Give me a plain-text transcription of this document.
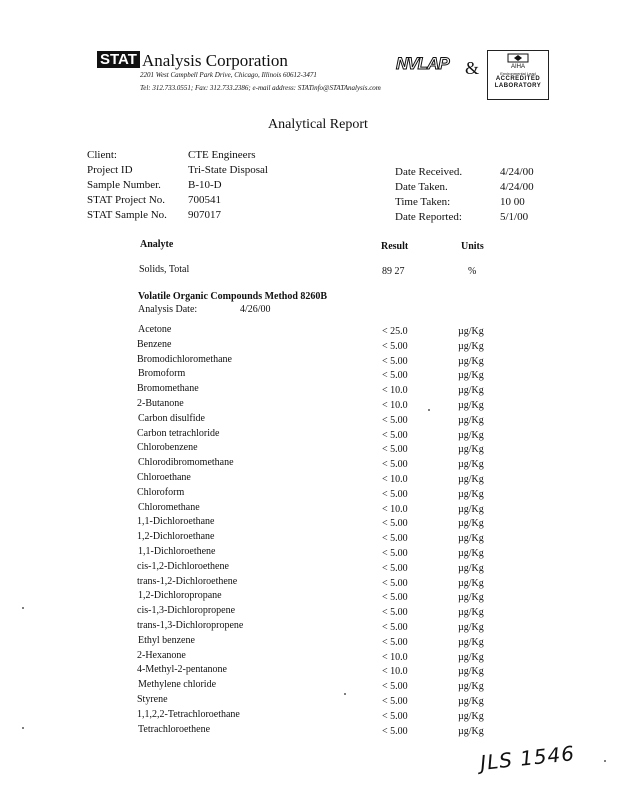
STAT Analysis Corporation
2201 West Campbell Park Drive, Chicago, Illinois 60612-3471
Tel: 312.733.0551; Fax: 312.733.2386; e-mail address: STATinfo@STATAnalysis.com
NVLAP &	AIHA
Environmental Lead
ACCREDITED
LABORATORY
Analytical Report
Client:	CTE Engineers
Project ID	Tri-State Disposal
Sample Number. B-10-D
STAT Project No. 700541
STAT Sample No. 907017
Date Received.	4/24/00
Date Taken.	4/24/00
Time Taken:	10 00
Date Reported:	5/1/00
Analyte	Result	Units
Solids, Total	89 27	%
Volatile Organic Compounds Method 8260B
Analysis Date:	4/26/00
Acetone	< 25.0	µg/Kg
Benzene	< 5.00	µg/Kg
Bromodichloromethane	< 5.00	µg/Kg
Bromoform	< 5.00	µg/Kg
Bromomethane	< 10.0	µg/Kg
2-Butanone	< 10.0	µg/Kg
Carbon disulfide	< 5.00	µg/Kg
Carbon tetrachloride	< 5.00	µg/Kg
Chlorobenzene	< 5.00	µg/Kg
Chlorodibromomethane	< 5.00	µg/Kg
Chloroethane	< 10.0	µg/Kg
Chloroform	< 5.00	µg/Kg
Chloromethane	< 10.0	µg/Kg
1,1-Dichloroethane	< 5.00	µg/Kg
1,2-Dichloroethane	< 5.00	µg/Kg
1,1-Dichloroethene	< 5.00	µg/Kg
cis-1,2-Dichloroethene	< 5.00	µg/Kg
trans-1,2-Dichloroethene	< 5.00	µg/Kg
1,2-Dichloropropane	< 5.00	µg/Kg
cis-1,3-Dichloropropene	< 5.00	µg/Kg
trans-1,3-Dichloropropene	< 5.00	µg/Kg
Ethyl benzene	< 5.00	µg/Kg
2-Hexanone	< 10.0	µg/Kg
4-Methyl-2-pentanone	< 10.0	µg/Kg
Methylene chloride	< 5.00	µg/Kg
Styrene	< 5.00	µg/Kg
1,1,2,2-Tetrachloroethane	< 5.00	µg/Kg
Tetrachloroethene	< 5.00	µg/Kg
JLS 1546
